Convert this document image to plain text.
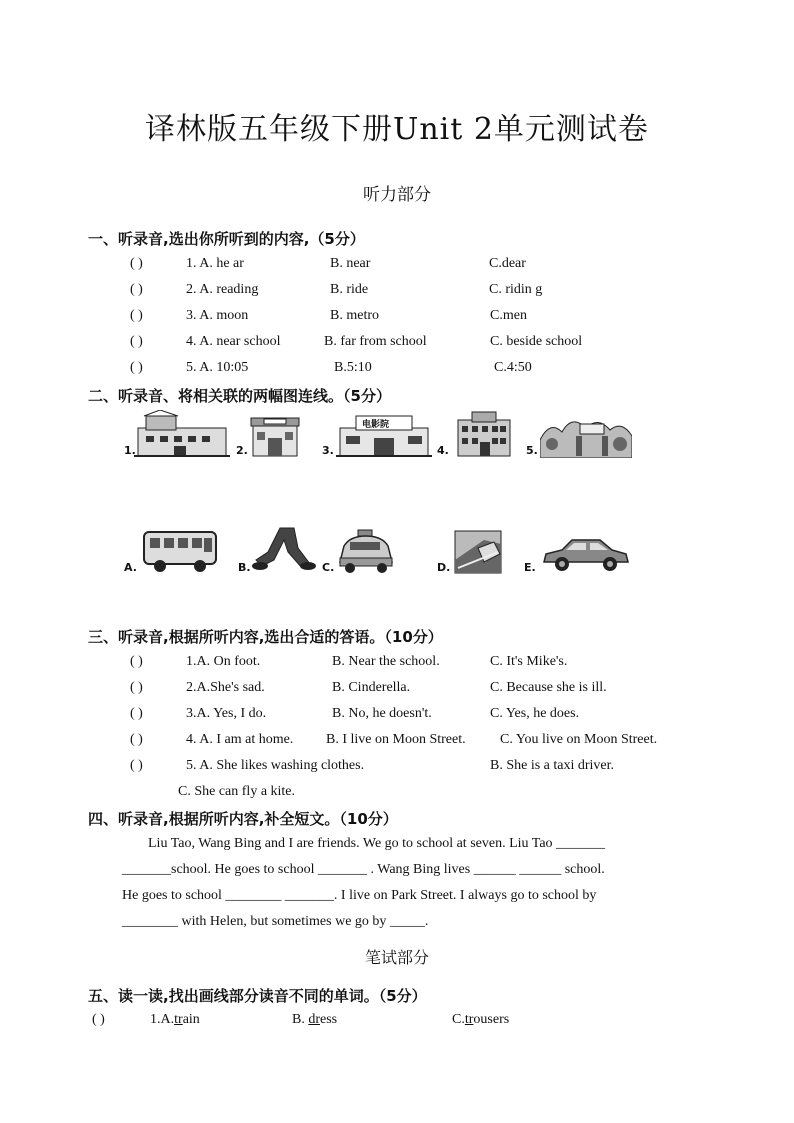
译林版五年级下册Unit 2单元测试卷
听力部分
一、听录音,选出你所听到的内容,（5分）
( )	1. A. he ar	B. near	C.dear
( )	2. A. reading	B. ride	C. ridin g
( )	3. A. moon	B. metro	C.men
( )	4. A. near school	B. far from school	C. beside school
( )	5. A. 10:05	B.5:10	C.4:50
二、听录音、将相关联的两幅图连线。（5分）
1.	2.	3.
电影院
4.	5.
A.	B.	C.	D.	E.
三、听录音,根据所听内容,选出合适的答语。（10分）
( )	1.A. On foot.	B. Near the school.	C. It's Mike's.
( )	2.A.She's sad.	B. Cinderella.	C. Because she is ill.
( )	3.A. Yes, I do.	B. No, he doesn't.	C. Yes, he does.
( )	4. A. I am at home. B. I live on Moon Street. C. You live on Moon Street.
( )	5. A. She likes washing clothes.	B. She is a taxi driver.
C. She can fly a kite.
四、听录音,根据所听内容,补全短文。（10分）
Liu Tao, Wang Bing and I are friends. We go to school at seven. Liu Tao _______
_______school. He goes to school _______ . Wang Bing lives ______ ______ school.
He goes to school ________ _______. I live on Park Street. I always go to school by
________ with Helen, but sometimes we go by _____.
笔试部分
五、读一读,找出画线部分读音不同的单词。（5分）
( )	1.A.train	B. dress	C.trousers
